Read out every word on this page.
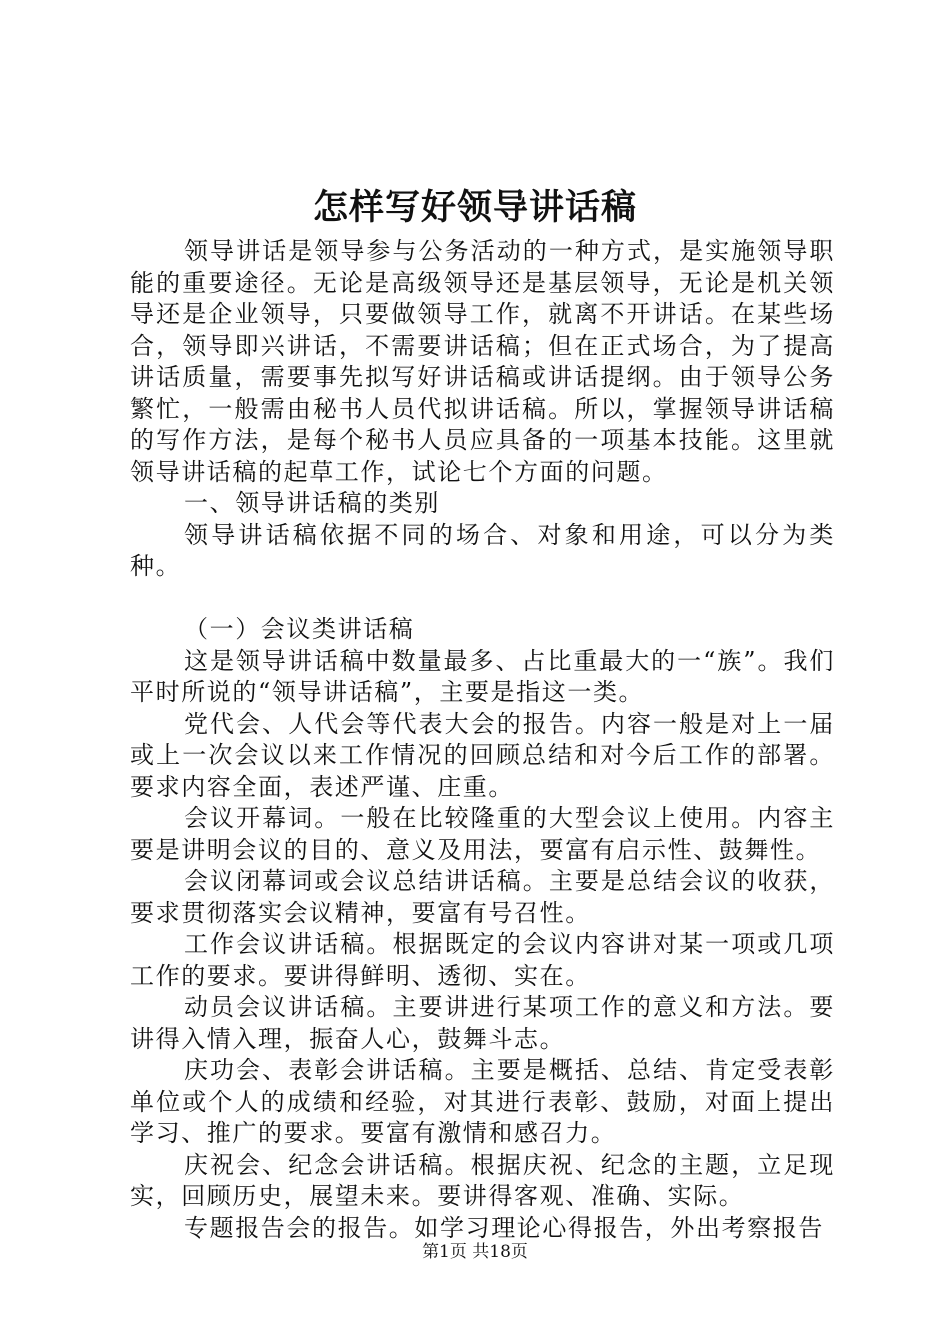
怎样写好领导讲话稿

领导讲话是领导参与公务活动的一种方式，是实施领导职能的重要途径。无论是高级领导还是基层领导，无论是机关领导还是企业领导，只要做领导工作，就离不开讲话。在某些场合，领导即兴讲话，不需要讲话稿；但在正式场合，为了提高讲话质量，需要事先拟写好讲话稿或讲话提纲。由于领导公务繁忙，一般需由秘书人员代拟讲话稿。所以，掌握领导讲话稿的写作方法，是每个秘书人员应具备的一项基本技能。这里就领导讲话稿的起草工作，试论七个方面的问题。

一、领导讲话稿的类别

领导讲话稿依据不同的场合、对象和用途，可以分为类种。

（一）会议类讲话稿

这是领导讲话稿中数量最多、占比重最大的一“族”。我们平时所说的“领导讲话稿”，主要是指这一类。

党代会、人代会等代表大会的报告。内容一般是对上一届或上一次会议以来工作情况的回顾总结和对今后工作的部署。要求内容全面，表述严谨、庄重。

会议开幕词。一般在比较隆重的大型会议上使用。内容主要是讲明会议的目的、意义及用法，要富有启示性、鼓舞性。

会议闭幕词或会议总结讲话稿。主要是总结会议的收获，要求贯彻落实会议精神，要富有号召性。

工作会议讲话稿。根据既定的会议内容讲对某一项或几项工作的要求。要讲得鲜明、透彻、实在。

动员会议讲话稿。主要讲进行某项工作的意义和方法。要讲得入情入理，振奋人心，鼓舞斗志。

庆功会、表彰会讲话稿。主要是概括、总结、肯定受表彰单位或个人的成绩和经验，对其进行表彰、鼓励，对面上提出学习、推广的要求。要富有激情和感召力。

庆祝会、纪念会讲话稿。根据庆祝、纪念的主题，立足现实，回顾历史，展望未来。要讲得客观、准确、实际。

专题报告会的报告。如学习理论心得报告，外出考察报告

第1页 共18页
